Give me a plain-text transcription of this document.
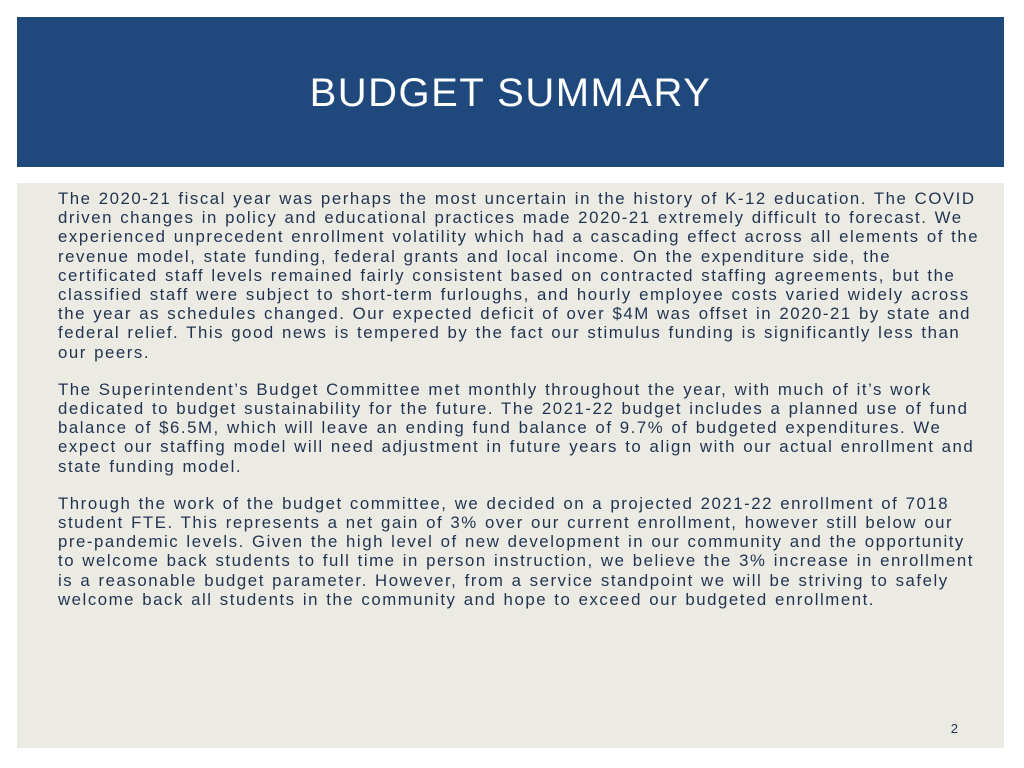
BUDGET SUMMARY

The 2020-21 fiscal year was perhaps the most uncertain in the history of K-12 education. The COVID driven changes in policy and educational practices made 2020-21 extremely difficult to forecast. We experienced unprecedent enrollment volatility which had a cascading effect across all elements of the revenue model, state funding, federal grants and local income. On the expenditure side, the certificated staff levels remained fairly consistent based on contracted staffing agreements, but the classified staff were subject to short-term furloughs, and hourly employee costs varied widely across the year as schedules changed. Our expected deficit of over $4M was offset in 2020-21 by state and federal relief. This good news is tempered by the fact our stimulus funding is significantly less than our peers.

The Superintendent’s Budget Committee met monthly throughout the year, with much of it’s work dedicated to budget sustainability for the future. The 2021-22 budget includes a planned use of fund balance of $6.5M, which will leave an ending fund balance of 9.7% of budgeted expenditures. We expect our staffing model will need adjustment in future years to align with our actual enrollment and state funding model.

Through the work of the budget committee, we decided on a projected 2021-22 enrollment of 7018 student FTE. This represents a net gain of 3% over our current enrollment, however still below our pre-pandemic levels. Given the high level of new development in our community and the opportunity to welcome back students to full time in person instruction, we believe the 3% increase in enrollment is a reasonable budget parameter. However, from a service standpoint we will be striving to safely welcome back all students in the community and hope to exceed our budgeted enrollment.

2
